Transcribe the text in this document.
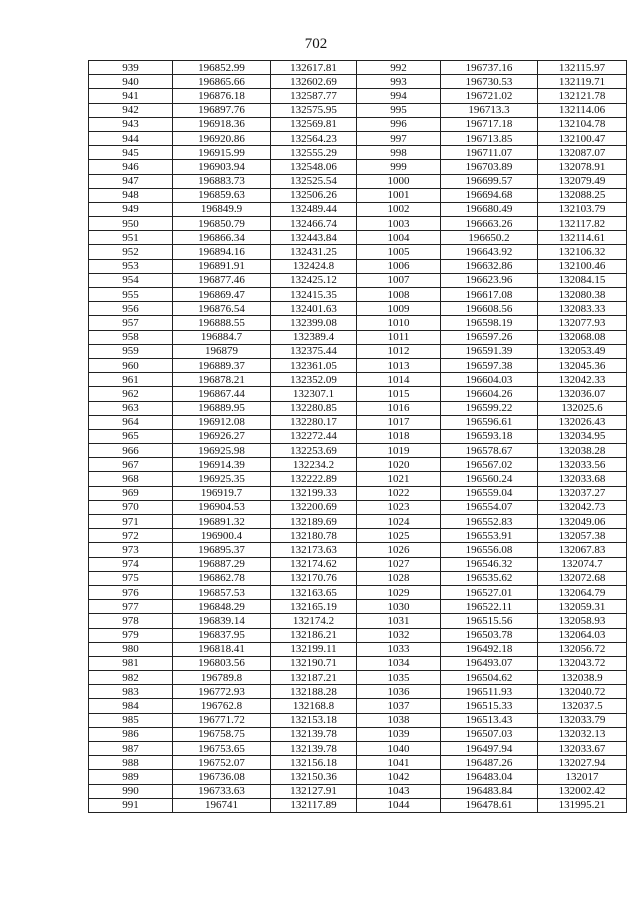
702
939	196852.99	132617.81	992	196737.16	132115.97
940	196865.66	132602.69	993	196730.53	132119.71
941	196876.18	132587.77	994	196721.02	132121.78
942	196897.76	132575.95	995	196713.3	132114.06
943	196918.36	132569.81	996	196717.18	132104.78
944	196920.86	132564.23	997	196713.85	132100.47
945	196915.99	132555.29	998	196711.07	132087.07
946	196903.94	132548.06	999	196703.89	132078.91
947	196883.73	132525.54	1000	196699.57	132079.49
948	196859.63	132506.26	1001	196694.68	132088.25
949	196849.9	132489.44	1002	196680.49	132103.79
950	196850.79	132466.74	1003	196663.26	132117.82
951	196866.34	132443.84	1004	196650.2	132114.61
952	196894.16	132431.25	1005	196643.92	132106.32
953	196891.91	132424.8	1006	196632.86	132100.46
954	196877.46	132425.12	1007	196623.96	132084.15
955	196869.47	132415.35	1008	196617.08	132080.38
956	196876.54	132401.63	1009	196608.56	132083.33
957	196888.55	132399.08	1010	196598.19	132077.93
958	196884.7	132389.4	1011	196597.26	132068.08
959	196879	132375.44	1012	196591.39	132053.49
960	196889.37	132361.05	1013	196597.38	132045.36
961	196878.21	132352.09	1014	196604.03	132042.33
962	196867.44	132307.1	1015	196604.26	132036.07
963	196889.95	132280.85	1016	196599.22	132025.6
964	196912.08	132280.17	1017	196596.61	132026.43
965	196926.27	132272.44	1018	196593.18	132034.95
966	196925.98	132253.69	1019	196578.67	132038.28
967	196914.39	132234.2	1020	196567.02	132033.56
968	196925.35	132222.89	1021	196560.24	132033.68
969	196919.7	132199.33	1022	196559.04	132037.27
970	196904.53	132200.69	1023	196554.07	132042.73
971	196891.32	132189.69	1024	196552.83	132049.06
972	196900.4	132180.78	1025	196553.91	132057.38
973	196895.37	132173.63	1026	196556.08	132067.83
974	196887.29	132174.62	1027	196546.32	132074.7
975	196862.78	132170.76	1028	196535.62	132072.68
976	196857.53	132163.65	1029	196527.01	132064.79
977	196848.29	132165.19	1030	196522.11	132059.31
978	196839.14	132174.2	1031	196515.56	132058.93
979	196837.95	132186.21	1032	196503.78	132064.03
980	196818.41	132199.11	1033	196492.18	132056.72
981	196803.56	132190.71	1034	196493.07	132043.72
982	196789.8	132187.21	1035	196504.62	132038.9
983	196772.93	132188.28	1036	196511.93	132040.72
984	196762.8	132168.8	1037	196515.33	132037.5
985	196771.72	132153.18	1038	196513.43	132033.79
986	196758.75	132139.78	1039	196507.03	132032.13
987	196753.65	132139.78	1040	196497.94	132033.67
988	196752.07	132156.18	1041	196487.26	132027.94
989	196736.08	132150.36	1042	196483.04	132017
990	196733.63	132127.91	1043	196483.84	132002.42
991	196741	132117.89	1044	196478.61	131995.21
